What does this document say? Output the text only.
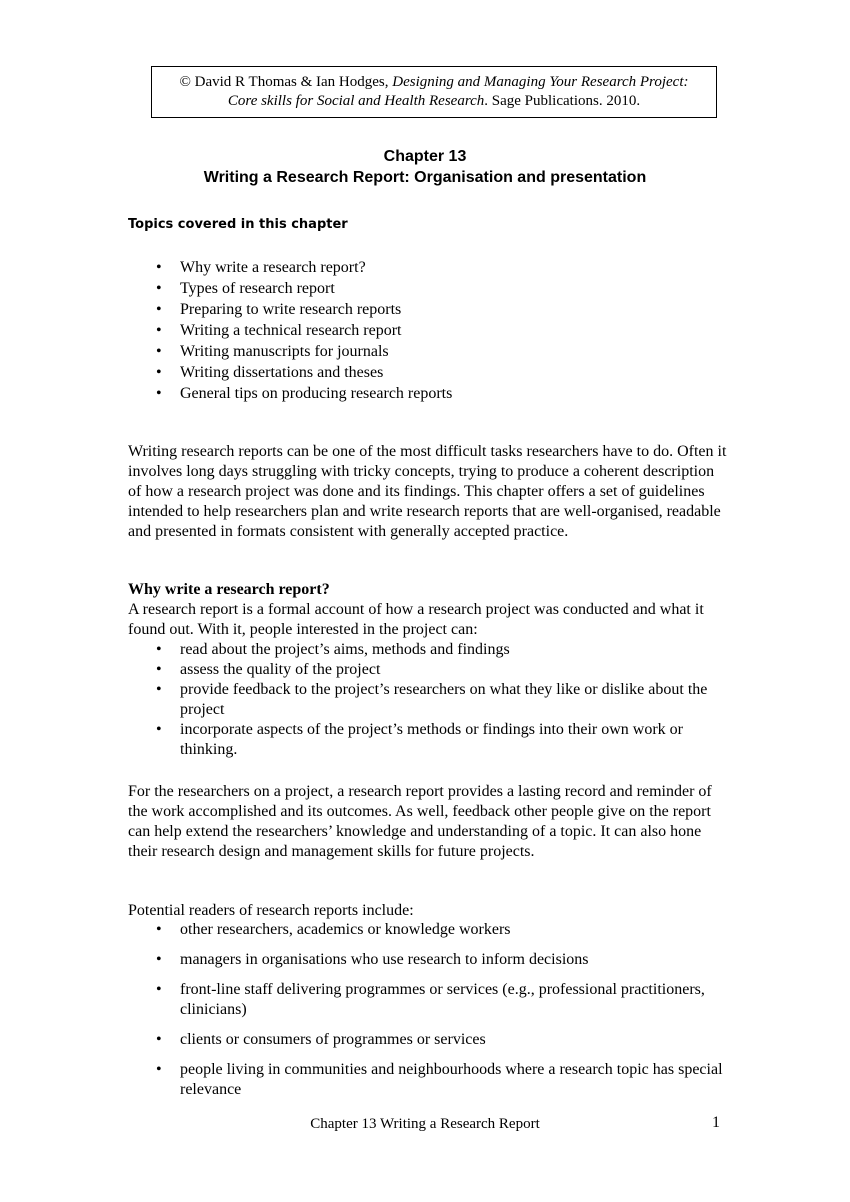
© David R Thomas & Ian Hodges, Designing and Managing Your Research Project:
Core skills for Social and Health Research. Sage Publications. 2010.
Chapter 13
Writing a Research Report: Organisation and presentation
Topics covered in this chapter
• Why write a research report?
• Types of research report
• Preparing to write research reports
• Writing a technical research report
• Writing manuscripts for journals
• Writing dissertations and theses
• General tips on producing research reports

Writing research reports can be one of the most difficult tasks researchers have to do. Often it involves long days struggling with tricky concepts, trying to produce a coherent description of how a research project was done and its findings. This chapter offers a set of guidelines intended to help researchers plan and write research reports that are well-organised, readable and presented in formats consistent with generally accepted practice.

Why write a research report?
A research report is a formal account of how a research project was conducted and what it found out. With it, people interested in the project can:
• read about the project’s aims, methods and findings
• assess the quality of the project
• provide feedback to the project’s researchers on what they like or dislike about the project
• incorporate aspects of the project’s methods or findings into their own work or thinking.

For the researchers on a project, a research report provides a lasting record and reminder of the work accomplished and its outcomes. As well, feedback other people give on the report can help extend the researchers’ knowledge and understanding of a topic. It can also hone their research design and management skills for future projects.

Potential readers of research reports include:

• other researchers, academics or knowledge workers
• managers in organisations who use research to inform decisions
• front-line staff delivering programmes or services (e.g., professional practitioners, clinicians)
• clients or consumers of programmes or services
• people living in communities and neighbourhoods where a research topic has special relevance
Chapter 13 Writing a Research Report	1
